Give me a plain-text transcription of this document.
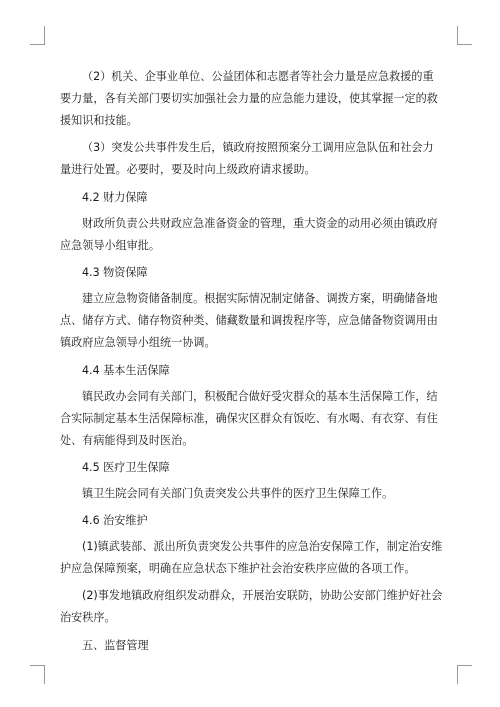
（2）机关、企事业单位、公益团体和志愿者等社会力量是应急救援的重要力量，各有关部门要切实加强社会力量的应急能力建设，使其掌握一定的救援知识和技能。

（3）突发公共事件发生后，镇政府按照预案分工调用应急队伍和社会力量进行处置。必要时，要及时向上级政府请求援助。

4.2 财力保障

财政所负责公共财政应急准备资金的管理，重大资金的动用必须由镇政府应急领导小组审批。

4.3 物资保障

建立应急物资储备制度。根据实际情况制定储备、调拨方案，明确储备地点、储存方式、储存物资种类、储藏数量和调拨程序等，应急储备物资调用由镇政府应急领导小组统一协调。

4.4 基本生活保障

镇民政办会同有关部门，积极配合做好受灾群众的基本生活保障工作，结合实际制定基本生活保障标准，确保灾区群众有饭吃、有水喝、有衣穿、有住处、有病能得到及时医治。

4.5 医疗卫生保障

镇卫生院会同有关部门负责突发公共事件的医疗卫生保障工作。

4.6 治安维护

(1)镇武装部、派出所负责突发公共事件的应急治安保障工作，制定治安维护应急保障预案，明确在应急状态下维护社会治安秩序应做的各项工作。

(2)事发地镇政府组织发动群众，开展治安联防，协助公安部门维护好社会治安秩序。

五、监督管理
